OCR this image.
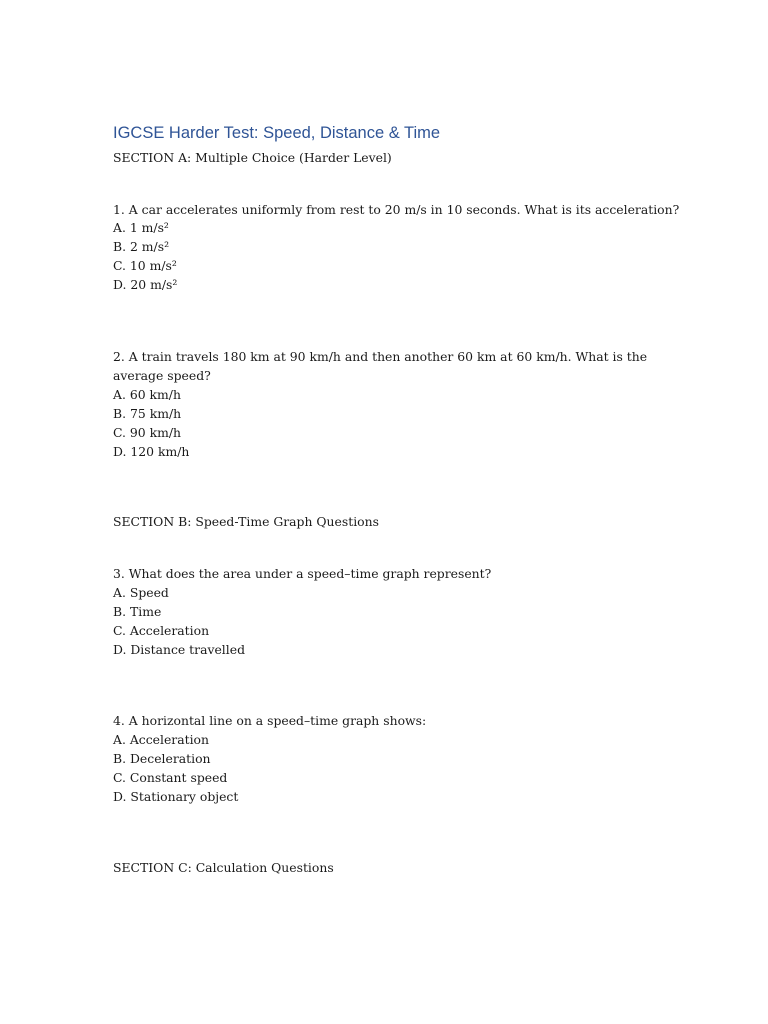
IGCSE Harder Test: Speed, Distance & Time

SECTION A: Multiple Choice (Harder Level)

1. A car accelerates uniformly from rest to 20 m/s in 10 seconds. What is its acceleration?

A. 1 m/s²

B. 2 m/s²

C. 10 m/s²

D. 20 m/s²

2. A train travels 180 km at 90 km/h and then another 60 km at 60 km/h. What is the average speed?

A. 60 km/h

B. 75 km/h

C. 90 km/h

D. 120 km/h

SECTION B: Speed-Time Graph Questions

3. What does the area under a speed–time graph represent?

A. Speed

B. Time

C. Acceleration

D. Distance travelled

4. A horizontal line on a speed–time graph shows:

A. Acceleration

B. Deceleration

C. Constant speed

D. Stationary object

SECTION C: Calculation Questions
